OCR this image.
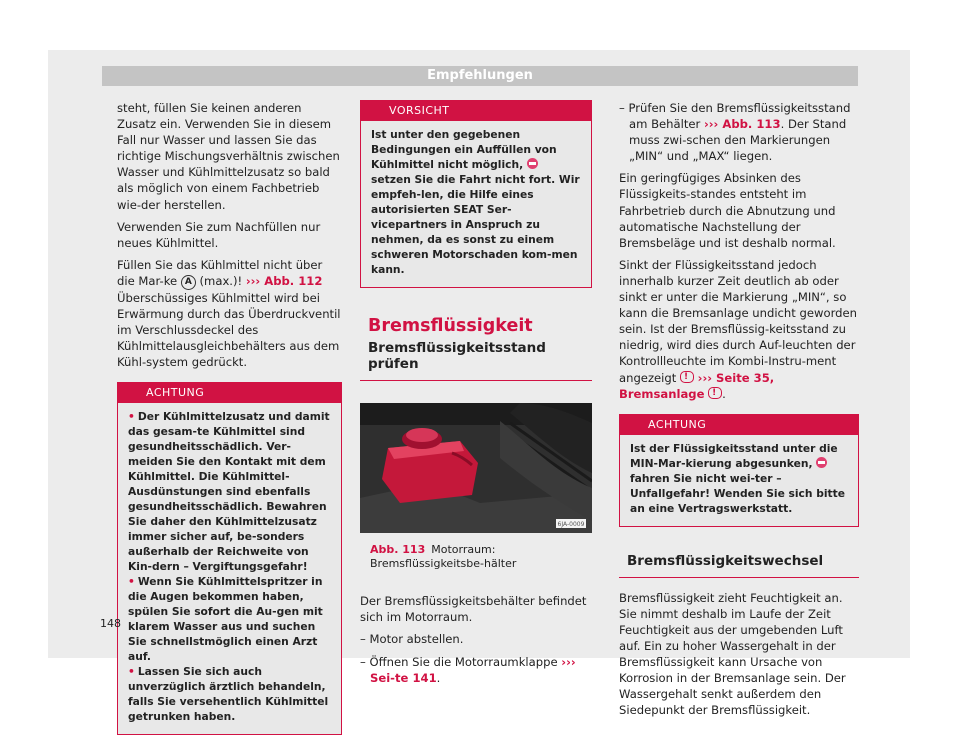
Empfehlungen

steht, füllen Sie keinen anderen Zusatz ein. Verwenden Sie in diesem Fall nur Wasser und lassen Sie das richtige Mischungsverhältnis zwischen Wasser und Kühlmittelzusatz so bald als möglich von einem Fachbetrieb wie-der herstellen.

Verwenden Sie zum Nachfüllen nur neues Kühlmittel.

Füllen Sie das Kühlmittel nicht über die Mar-ke A (max.)! ››› Abb. 112 Überschüssiges Kühlmittel wird bei Erwärmung durch das Überdruckventil im Verschlussdeckel des Kühlmittelausgleichbehälters aus dem Kühl-system gedrückt.

ACHTUNG
• Der Kühlmittelzusatz und damit das gesam-te Kühlmittel sind gesundheitsschädlich. Ver-meiden Sie den Kontakt mit dem Kühlmittel. Die Kühlmittel-Ausdünstungen sind ebenfalls gesundheitsschädlich. Bewahren Sie daher den Kühlmittelzusatz immer sicher auf, be-sonders außerhalb der Reichweite von Kin-dern – Vergiftungsgefahr!
• Wenn Sie Kühlmittelspritzer in die Augen bekommen haben, spülen Sie sofort die Au-gen mit klarem Wasser aus und suchen Sie schnellstmöglich einen Arzt auf.
• Lassen Sie sich auch unverzüglich ärztlich behandeln, falls Sie versehentlich Kühlmittel getrunken haben.
VORSICHT
Ist unter den gegebenen Bedingungen ein Auffüllen von Kühlmittel nicht möglich,  setzen Sie die Fahrt nicht fort. Wir empfeh-len, die Hilfe eines autorisierten SEAT Ser-vicepartners in Anspruch zu nehmen, da es sonst zu einem schweren Motorschaden kom-men kann.
Bremsflüssigkeit
Bremsflüssigkeitsstand prüfen
6JA-0009
Abb. 113 Motorraum: Bremsflüssigkeitsbe-hälter

Der Bremsflüssigkeitsbehälter befindet sich im Motorraum.

– Motor abstellen.

– Öffnen Sie die Motorraumklappe ››› Sei-te 141.

– Prüfen Sie den Bremsflüssigkeitsstand am Behälter ››› Abb. 113. Der Stand muss zwi-schen den Markierungen „MIN“ und „MAX“ liegen.

Ein geringfügiges Absinken des Flüssigkeits-standes entsteht im Fahrbetrieb durch die Abnutzung und automatische Nachstellung der Bremsbeläge und ist deshalb normal.

Sinkt der Flüssigkeitsstand jedoch innerhalb kurzer Zeit deutlich ab oder sinkt er unter die Markierung „MIN“, so kann die Bremsanlage undicht geworden sein. Ist der Bremsflüssig-keitsstand zu niedrig, wird dies durch Auf-leuchten der Kontrollleuchte im Kombi-Instru-ment angezeigt ! ››› Seite 35, Bremsanlage ! .

ACHTUNG
Ist der Flüssigkeitsstand unter die MIN-Mar-kierung abgesunken,  fahren Sie nicht wei-ter – Unfallgefahr! Wenden Sie sich bitte an eine Vertragswerkstatt.
Bremsflüssigkeitswechsel

Bremsflüssigkeit zieht Feuchtigkeit an. Sie nimmt deshalb im Laufe der Zeit Feuchtigkeit aus der umgebenden Luft auf. Ein zu hoher Wassergehalt in der Bremsflüssigkeit kann Ursache von Korrosion in der Bremsanlage sein. Der Wassergehalt senkt außerdem den Siedepunkt der Bremsflüssigkeit.

148
